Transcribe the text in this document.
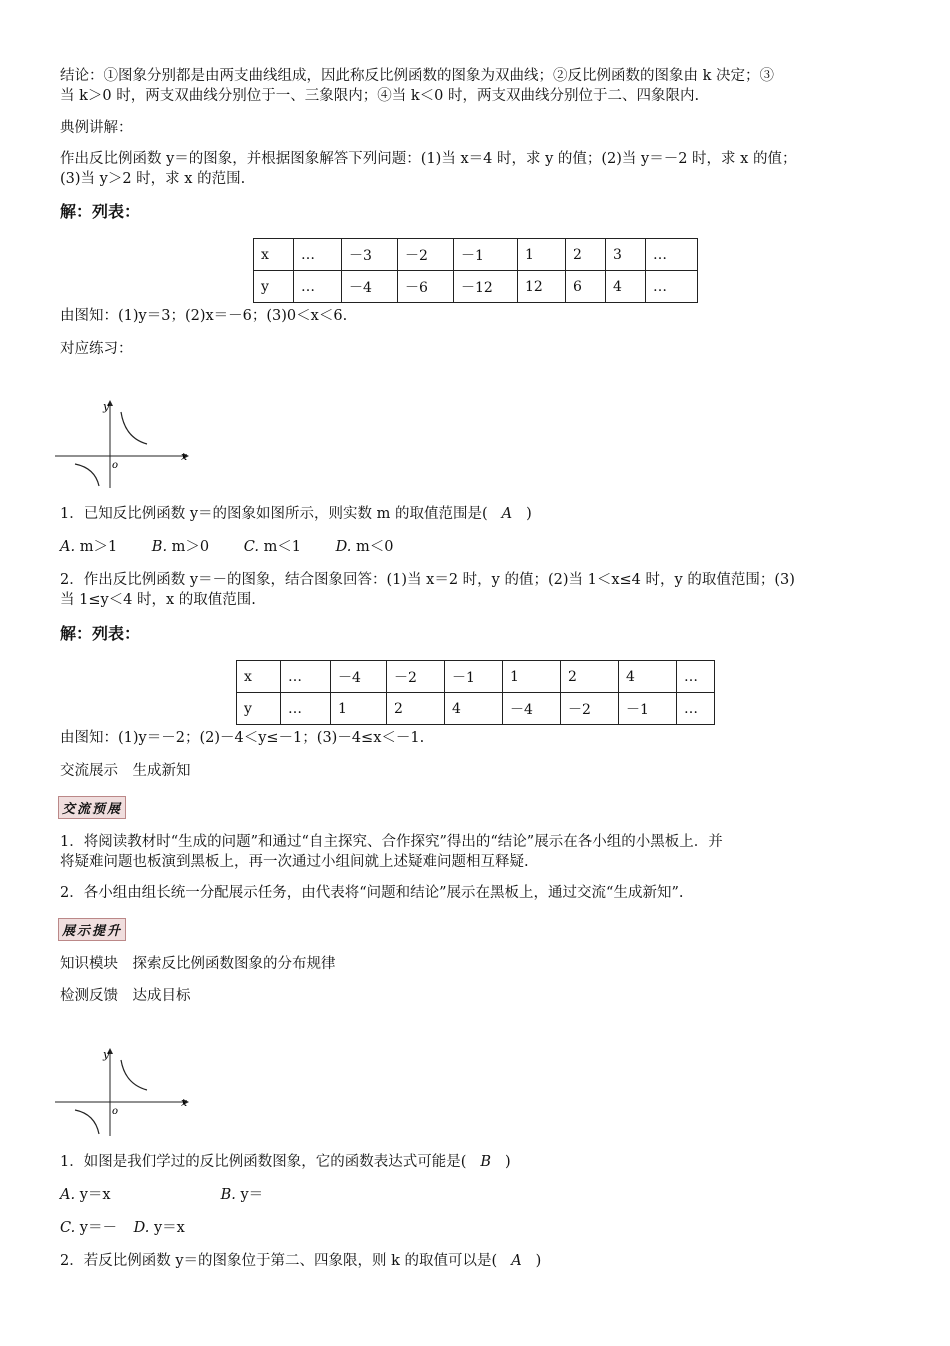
结论：①图象分别都是由两支曲线组成，因此称反比例函数的图象为双曲线；②反比例函数的图象由 k 决定；③
当 k＞0 时，两支双曲线分别位于一、三象限内；④当 k＜0 时，两支双曲线分别位于二、四象限内.
典例讲解：
作出反比例函数 y＝的图象，并根据图象解答下列问题：(1)当 x＝4 时，求 y 的值；(2)当 y＝－2 时，求 x 的值；
(3)当 y＞2 时，求 x 的范围.
解：列表：
x	…	－3	－2	－1	1	2	3	…
y	…	－4	－6	－12	12	6	4	…
由图知：(1)y＝3；(2)x＝－6；(3)0＜x＜6.
对应练习：
y
x
o
1．已知反比例函数 y＝的图象如图所示，则实数 m 的取值范围是( A )
A. m＞1 B. m＞0 C. m＜1 D. m＜0
2．作出反比例函数 y＝－的图象，结合图象回答：(1)当 x＝2 时，y 的值；(2)当 1＜x≤4 时，y 的取值范围；(3)
当 1≤y＜4 时，x 的取值范围.
解：列表：
x	…	－4	－2	－1	1	2	4	…
y	…	1	2	4	－4	－2	－1	…
由图知：(1)y＝－2；(2)－4＜y≤－1；(3)－4≤x＜－1.
交流展示　生成新知
交流预展
1．将阅读教材时“生成的问题”和通过“自主探究、合作探究”得出的“结论”展示在各小组的小黑板上．并
将疑难问题也板演到黑板上，再一次通过小组间就上述疑难问题相互释疑.
2．各小组由组长统一分配展示任务，由代表将“问题和结论”展示在黑板上，通过交流“生成新知”.
展示提升
知识模块　探索反比例函数图象的分布规律
检测反馈　达成目标
y
x
o
1．如图是我们学过的反比例函数图象，它的函数表达式可能是( B )
A. y＝x	B. y＝
C. y＝－ D. y＝x
2．若反比例函数 y＝的图象位于第二、四象限，则 k 的取值可以是( A )
